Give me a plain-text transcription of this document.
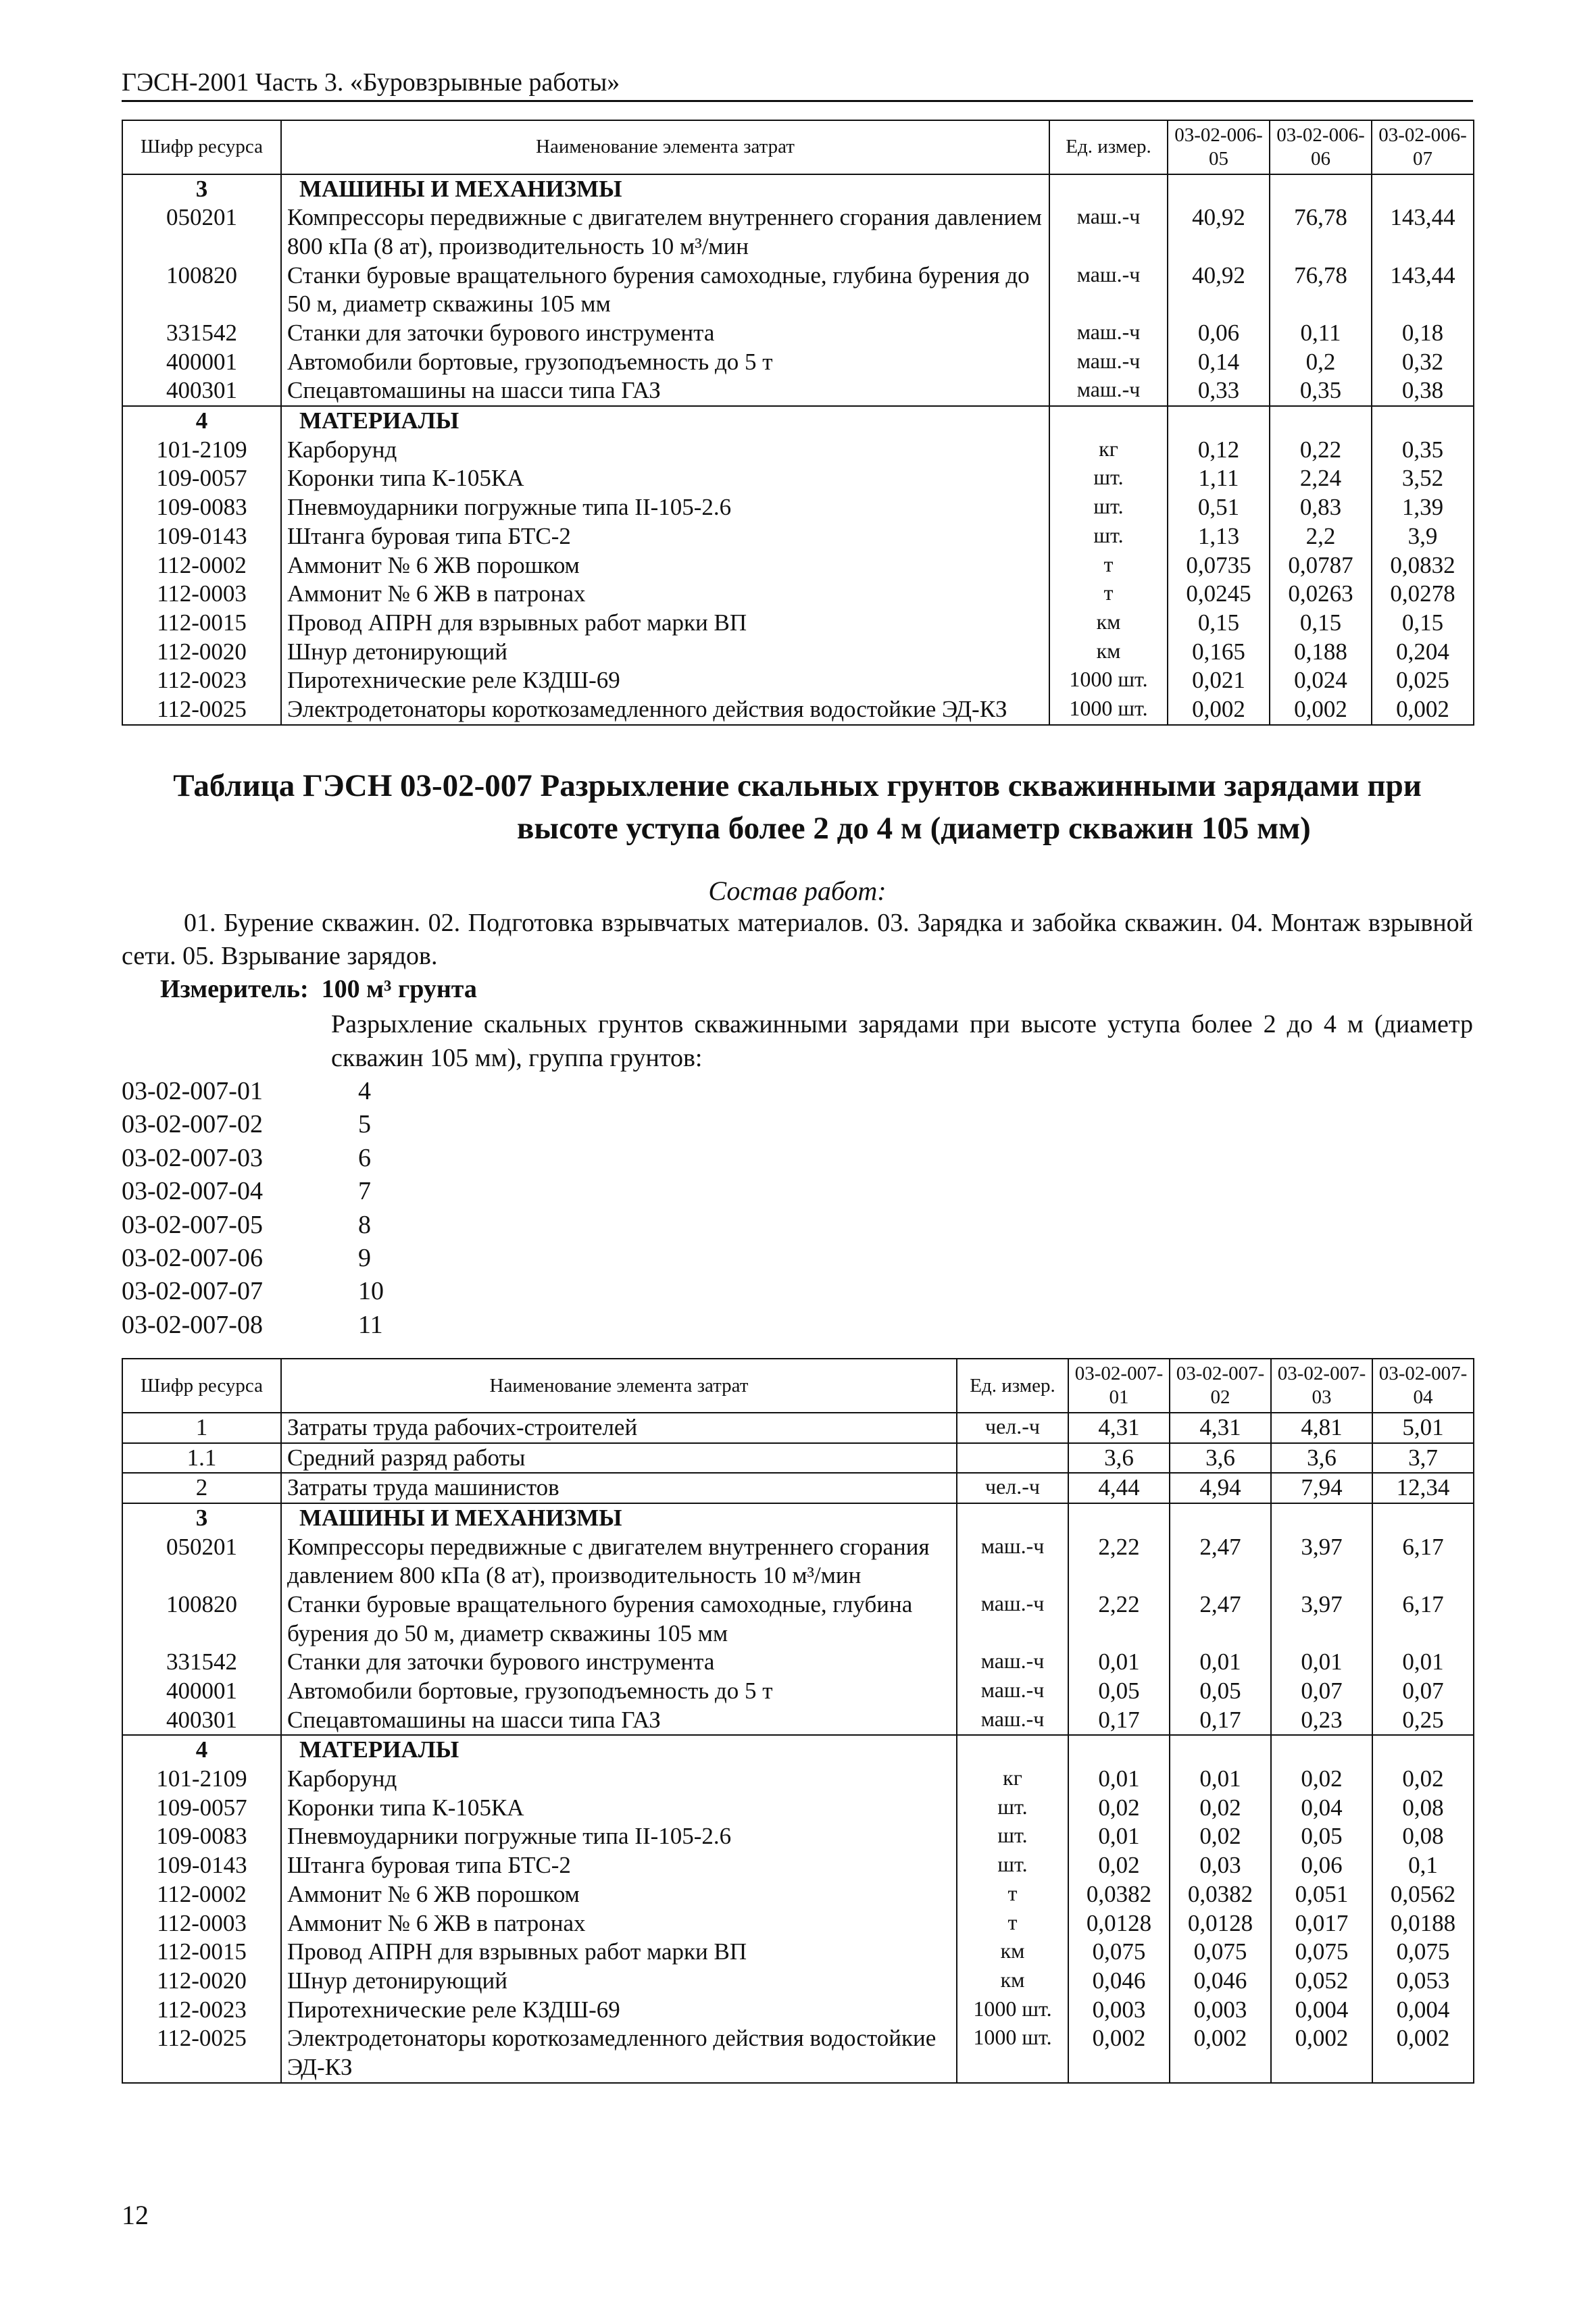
ГЭСН-2001 Часть 3. «Буровзрывные работы»
Шифр ресурса	Наименование элемента затрат	Ед. измер.	03-02-006-05	03-02-006-06	03-02-006-07
3	МАШИНЫ И МЕХАНИЗМЫ				
050201	Компрессоры передвижные с двигателем внутреннего сгорания давлением 800 кПа (8 ат), производительность 10 м³/мин	маш.-ч	40,92	76,78	143,44
100820	Станки буровые вращательного бурения самоходные, глубина бурения до 50 м, диаметр скважины 105 мм	маш.-ч	40,92	76,78	143,44
331542	Станки для заточки бурового инструмента	маш.-ч	0,06	0,11	0,18
400001	Автомобили бортовые, грузоподъемность до 5 т	маш.-ч	0,14	0,2	0,32
400301	Спецавтомашины на шасси типа ГАЗ	маш.-ч	0,33	0,35	0,38
4	МАТЕРИАЛЫ				
101-2109	Карборунд	кг	0,12	0,22	0,35
109-0057	Коронки типа К-105КА	шт.	1,11	2,24	3,52
109-0083	Пневмоударники погружные типа II-105-2.6	шт.	0,51	0,83	1,39
109-0143	Штанга буровая типа БТС-2	шт.	1,13	2,2	3,9
112-0002	Аммонит № 6 ЖВ порошком	т	0,0735	0,0787	0,0832
112-0003	Аммонит № 6 ЖВ в патронах	т	0,0245	0,0263	0,0278
112-0015	Провод АПРН для взрывных работ марки ВП	км	0,15	0,15	0,15
112-0020	Шнур детонирующий	км	0,165	0,188	0,204
112-0023	Пиротехнические реле КЗДШ-69	1000 шт.	0,021	0,024	0,025
112-0025	Электродетонаторы короткозамедленного действия водостойкие ЭД-КЗ	1000 шт.	0,002	0,002	0,002
Таблица ГЭСН 03-02-007 Разрыхление скальных грунтов скважинными зарядами при
высоте уступа более 2 до 4 м (диаметр скважин 105 мм)
Состав работ:
01. Бурение скважин. 02. Подготовка взрывчатых материалов. 03. Зарядка и забойка скважин. 04. Монтаж взрывной сети. 05. Взрывание зарядов.
Измеритель: 100 м³ грунта
Разрыхление скальных грунтов скважинными зарядами при высоте уступа более 2 до 4 м (диаметр скважин 105 мм), группа грунтов:
03-02-007-01	4
03-02-007-02	5
03-02-007-03	6
03-02-007-04	7
03-02-007-05	8
03-02-007-06	9
03-02-007-07	10
03-02-007-08	11
Шифр ресурса	Наименование элемента затрат	Ед. измер.	03-02-007-01	03-02-007-02	03-02-007-03	03-02-007-04
1	Затраты труда рабочих-строителей	чел.-ч	4,31	4,31	4,81	5,01
1.1	Средний разряд работы		3,6	3,6	3,6	3,7
2	Затраты труда машинистов	чел.-ч	4,44	4,94	7,94	12,34
3	МАШИНЫ И МЕХАНИЗМЫ					
050201	Компрессоры передвижные с двигателем внутреннего сгорания давлением 800 кПа (8 ат), производительность 10 м³/мин	маш.-ч	2,22	2,47	3,97	6,17
100820	Станки буровые вращательного бурения самоходные, глубина бурения до 50 м, диаметр скважины 105 мм	маш.-ч	2,22	2,47	3,97	6,17
331542	Станки для заточки бурового инструмента	маш.-ч	0,01	0,01	0,01	0,01
400001	Автомобили бортовые, грузоподъемность до 5 т	маш.-ч	0,05	0,05	0,07	0,07
400301	Спецавтомашины на шасси типа ГАЗ	маш.-ч	0,17	0,17	0,23	0,25
4	МАТЕРИАЛЫ					
101-2109	Карборунд	кг	0,01	0,01	0,02	0,02
109-0057	Коронки типа К-105КА	шт.	0,02	0,02	0,04	0,08
109-0083	Пневмоударники погружные типа II-105-2.6	шт.	0,01	0,02	0,05	0,08
109-0143	Штанга буровая типа БТС-2	шт.	0,02	0,03	0,06	0,1
112-0002	Аммонит № 6 ЖВ порошком	т	0,0382	0,0382	0,051	0,0562
112-0003	Аммонит № 6 ЖВ в патронах	т	0,0128	0,0128	0,017	0,0188
112-0015	Провод АПРН для взрывных работ марки ВП	км	0,075	0,075	0,075	0,075
112-0020	Шнур детонирующий	км	0,046	0,046	0,052	0,053
112-0023	Пиротехнические реле КЗДШ-69	1000 шт.	0,003	0,003	0,004	0,004
112-0025	Электродетонаторы короткозамедленного действия водостойкие ЭД-КЗ	1000 шт.	0,002	0,002	0,002	0,002
12
